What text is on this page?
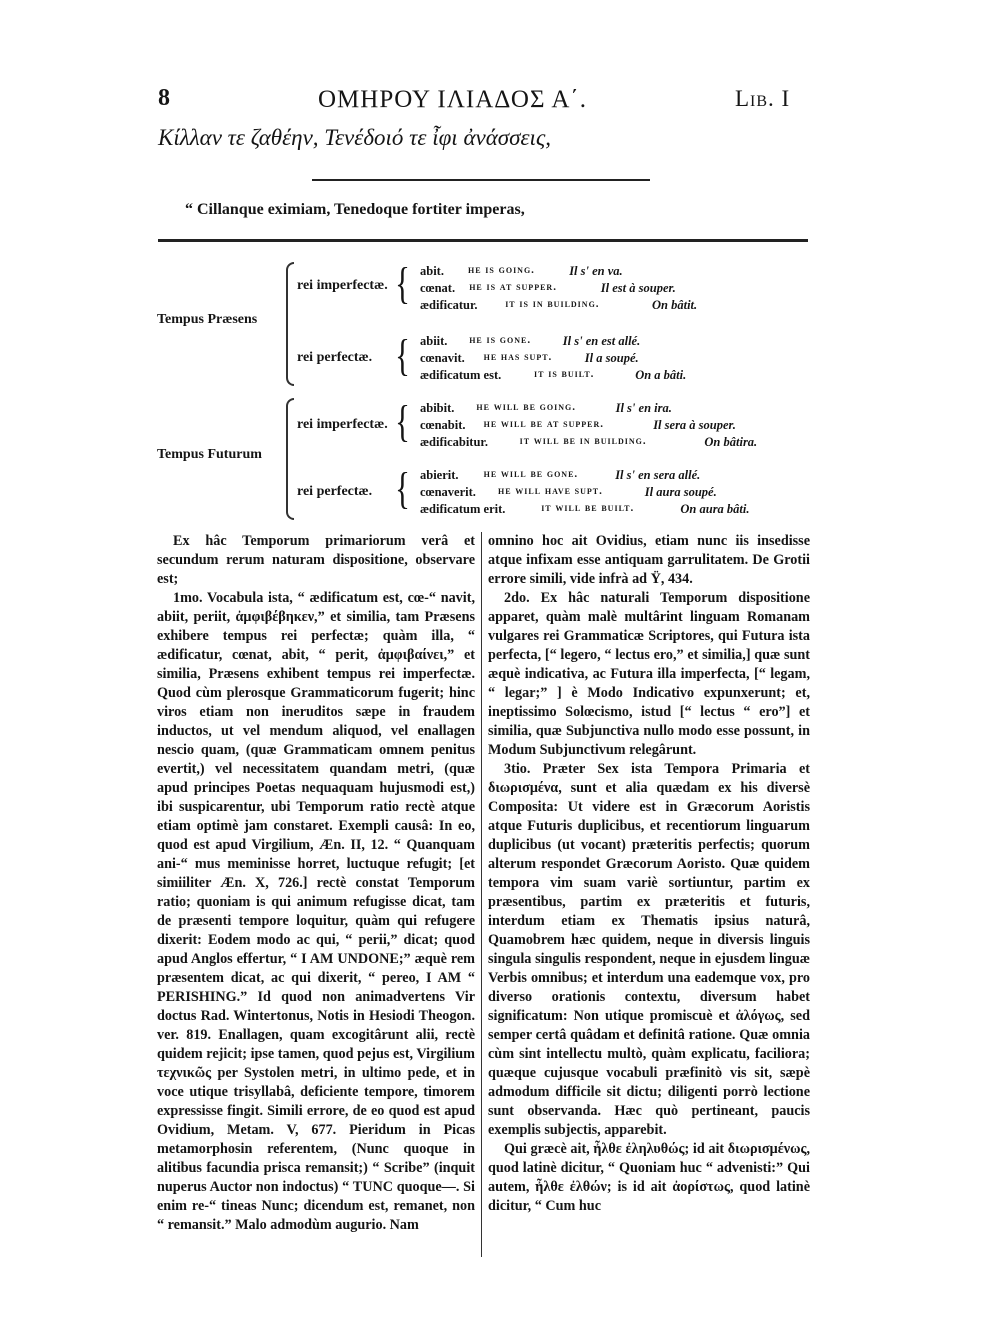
8	ΟΜΗΡΟΥ ΙΛΙΑΔΟΣ Α΄.	Lib. I
Κίλλαν τε ζαθέην, Τενέδοιό τε ἶφι ἀνάσσεις,
“ Cillanque eximiam, Tenedoque fortiter imperas,
Tempus Præsens
rei imperfectæ. {
rei perfectæ. {
Tempus Futurum
rei imperfectæ. {
rei perfectæ. {
abit. he is going.	Il s' en va.
cœnat. he is at supper.	Il est à souper.
ædificatur.	it is in building.	On bâtit.
abiit. he is gone.	Il s' en est allé.
cœnavit. he has supt.	Il a soupé.
ædificatum est.	it is built.	On a bâti.
abibit. he will be going.	Il s' en ira.
cœnabit. he will be at supper.	Il sera à souper.
ædificabitur.	it will be in building.	On bâtira.
abierit. he will be gone.	Il s' en sera allé.
cœnaverit. he will have supt.	Il aura soupé.
ædificatum erit.	it will be built.	On aura bâti.

Ex hâc Temporum primariorum verâ et secundum rerum naturam dispositione, observare est;

1mo. Vocabula ista, “ ædificatum est, cœ-“ navit, abiit, periit, ἀμφιβέβηκεν,” et similia, tam Præsens exhibere tempus rei perfectæ; quàm illa, “ ædificatur, cœnat, abit, “ perit, ἀμφιβαίνει,” et similia, Præsens exhibent tempus rei imperfectæ. Quod cùm plerosque Grammaticorum fugerit; hinc viros etiam non ineruditos sæpe in fraudem inductos, ut vel mendum aliquod, vel enallagen nescio quam, (quæ Grammaticam omnem penitus evertit,) vel necessitatem quandam metri, (quæ apud principes Poetas nequaquam hujusmodi est,) ibi suspicarentur, ubi Temporum ratio rectè atque etiam optimè jam constaret. Exempli causâ: In eo, quod est apud Virgilium, Æn. II, 12. “ Quanquam ani-“ mus meminisse horret, luctuque refugit; [et simiiliter Æn. X, 726.] rectè constat Temporum ratio; quoniam is qui animum refugisse dicat, tam de præsenti tempore loquitur, quàm qui refugere dixerit: Eodem modo ac qui, “ perii,” dicat; quod apud Anglos effertur, “ I AM UNDONE;” æquè rem præsentem dicat, ac qui dixerit, “ pereo, I AM “ PERISHING.” Id quod non animadvertens Vir doctus Rad. Wintertonus, Notis in Hesiodi Theogon. ver. 819. Enallagen, quam excogitârunt alii, rectè quidem rejicit; ipse tamen, quod pejus est, Virgilium τεχνικῶς per Systolen metri, in ultimo pede, et in voce utique trisyllabâ, deficiente tempore, timorem expressisse fingit. Simili errore, de eo quod est apud Ovidium, Metam. V, 677. Pieridum in Picas metamorphosin referentem, (Nunc quoque in alitibus facundia prisca remansit;) “ Scribe” (inquit nuperus Auctor non indoctus) “ TUNC quoque—. Si enim re-“ tineas Nunc; dicendum est, remanet, non “ remansit.” Malo admodùm augurio. Nam

omnino hoc ait Ovidius, etiam nunc iis insedisse atque infixam esse antiquam garrulitatem. De Grotii errore simili, vide infrà ad Ϋ, 434.

2do. Ex hâc naturali Temporum dispositione apparet, quàm malè multârint linguam Romanam vulgares rei Grammaticæ Scriptores, qui Futura ista perfecta, [“ legero, “ lectus ero,” et similia,] quæ sunt æquè indicativa, ac Futura illa imperfecta, [“ legam, “ legar;” ] è Modo Indicativo expunxerunt; et, ineptissimo Solœcismo, istud [“ lectus “ ero”] et similia, quæ Subjunctiva nullo modo esse possunt, in Modum Subjunctivum relegârunt.

3tio. Præter Sex ista Tempora Primaria et διωρισμένα, sunt et alia quædam ex his diversè Composita: Ut videre est in Græcorum Aoristis atque Futuris duplicibus, et recentiorum linguarum duplicibus (ut vocant) præteritis perfectis; quorum alterum respondet Græcorum Aoristo. Quæ quidem tempora vim suam variè sortiuntur, partim ex præsentibus, partim ex præteritis et futuris, interdum etiam ex Thematis ipsius naturâ, Quamobrem hæc quidem, neque in diversis linguis singula singulis respondent, neque in ejusdem linguæ Verbis omnibus; et interdum una eademque vox, pro diverso orationis contextu, diversum habet significatum: Non utique promiscuè et ἀλόγως, sed semper certâ quâdam et definitâ ratione. Quæ omnia cùm sint intellectu multò, quàm explicatu, faciliora; quæque cujusque vocabuli præfinitò vis sit, sæpè admodum difficile sit dictu; diligenti porrò lectione sunt observanda. Hæc quò pertineant, paucis exemplis subjectis, apparebit.

Qui græcè ait, ἦλθε ἐληλυθώς; id ait διωρισμένως, quod latinè dicitur, “ Quoniam huc “ advenisti:” Qui autem, ἦλθε ἐλθών; is id ait ἀορίστως, quod latinè dicitur, “ Cum huc
